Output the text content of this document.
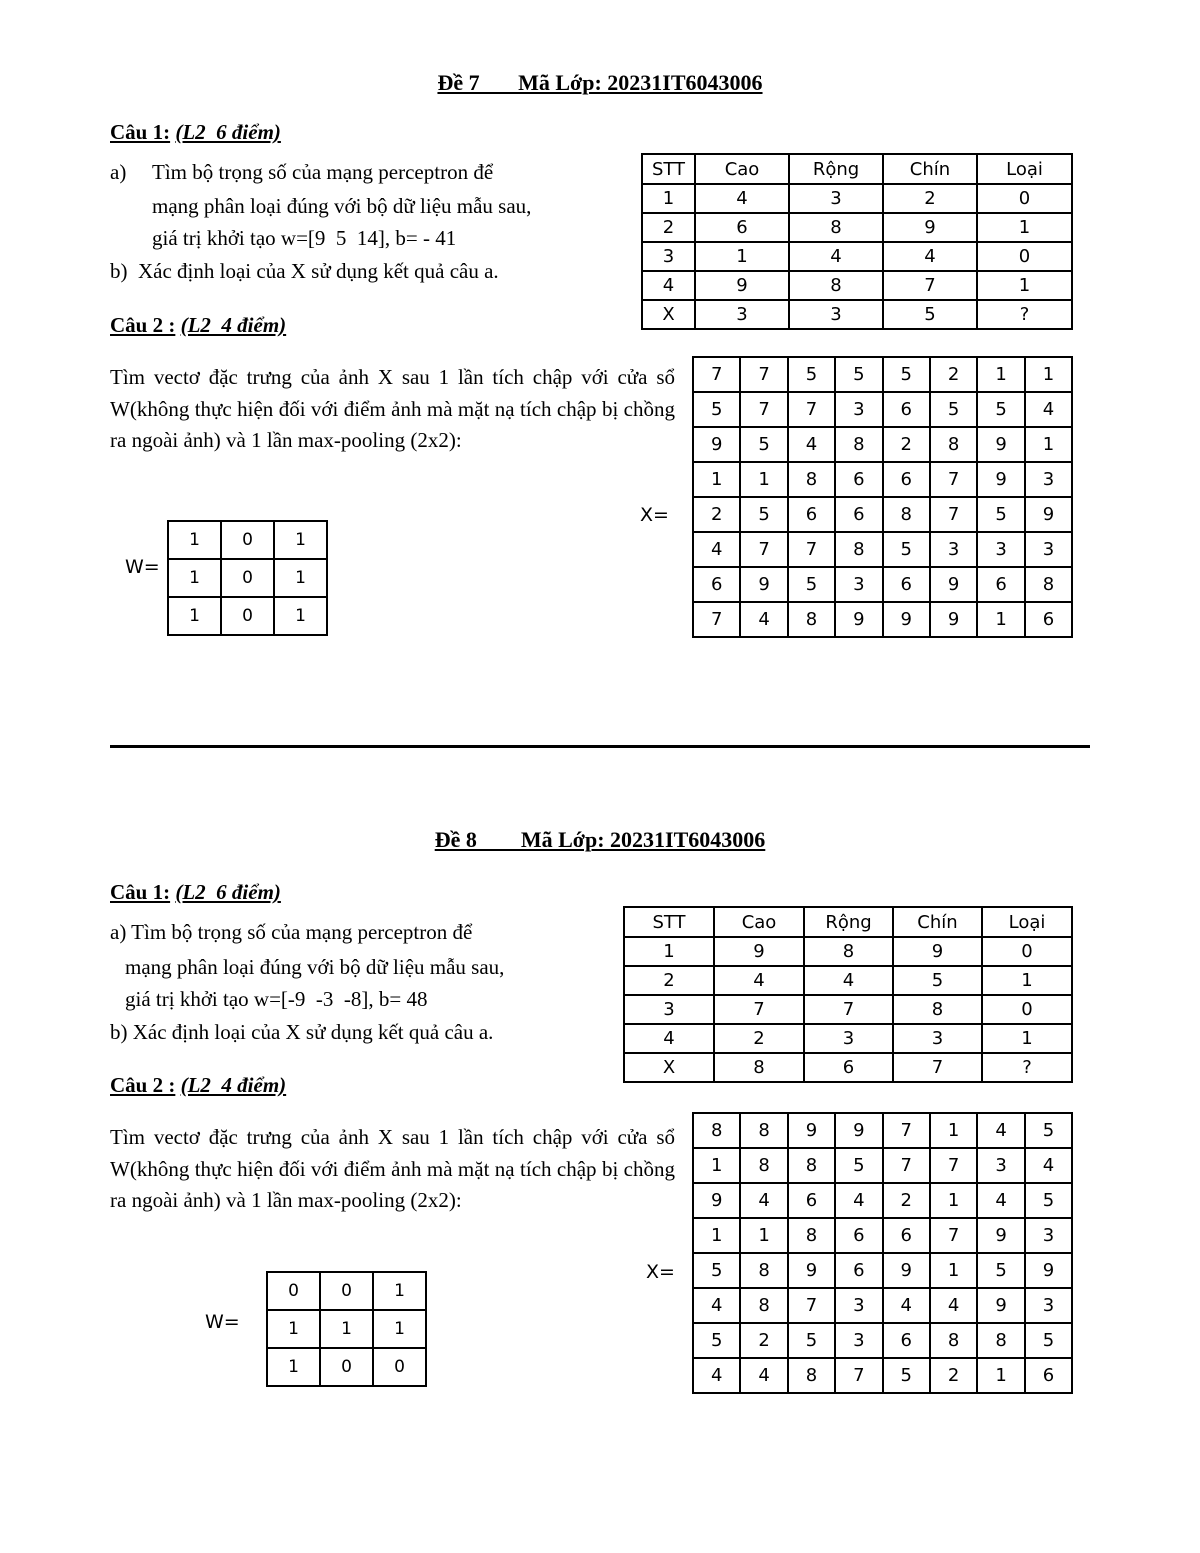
Đề 7       Mã Lớp: 20231IT6043006
Câu 1: (L2  6 điểm)
a) Tìm bộ trọng số của mạng perceptron để
mạng phân loại đúng với bộ dữ liệu mẫu sau,
giá trị khởi tạo w=[9  5  14], b= - 41
b)  Xác định loại của X sử dụng kết quả câu a.
STT	Cao	Rộng	Chín	Loại
1	4	3	2	0
2	6	8	9	1
3	1	4	4	0
4	9	8	7	1
X	3	3	5	?
Câu 2 : (L2  4 điểm)
Tìm vectơ đặc trưng của ảnh X sau 1 lần tích chập với cửa sổ W(không thực hiện đối với điểm ảnh mà mặt nạ tích chập bị chồng ra ngoài ảnh) và 1 lần max-pooling (2x2):
W=
1	0	1
1	0	1
1	0	1
X=
7	7	5	5	5	2	1	1
5	7	7	3	6	5	5	4
9	5	4	8	2	8	9	1
1	1	8	6	6	7	9	3
2	5	6	6	8	7	5	9
4	7	7	8	5	3	3	3
6	9	5	3	6	9	6	8
7	4	8	9	9	9	1	6
Đề 8        Mã Lớp: 20231IT6043006
Câu 1: (L2  6 điểm)
a) Tìm bộ trọng số của mạng perceptron để
mạng phân loại đúng với bộ dữ liệu mẫu sau,
giá trị khởi tạo w=[-9  -3  -8], b= 48
b) Xác định loại của X sử dụng kết quả câu a.
STT	Cao	Rộng	Chín	Loại
1	9	8	9	0
2	4	4	5	1
3	7	7	8	0
4	2	3	3	1
X	8	6	7	?
Câu 2 : (L2  4 điểm)
Tìm vectơ đặc trưng của ảnh X sau 1 lần tích chập với cửa sổ W(không thực hiện đối với điểm ảnh mà mặt nạ tích chập bị chồng ra ngoài ảnh) và 1 lần max-pooling (2x2):
W=
0	0	1
1	1	1
1	0	0
X=
8	8	9	9	7	1	4	5
1	8	8	5	7	7	3	4
9	4	6	4	2	1	4	5
1	1	8	6	6	7	9	3
5	8	9	6	9	1	5	9
4	8	7	3	4	4	9	3
5	2	5	3	6	8	8	5
4	4	8	7	5	2	1	6
